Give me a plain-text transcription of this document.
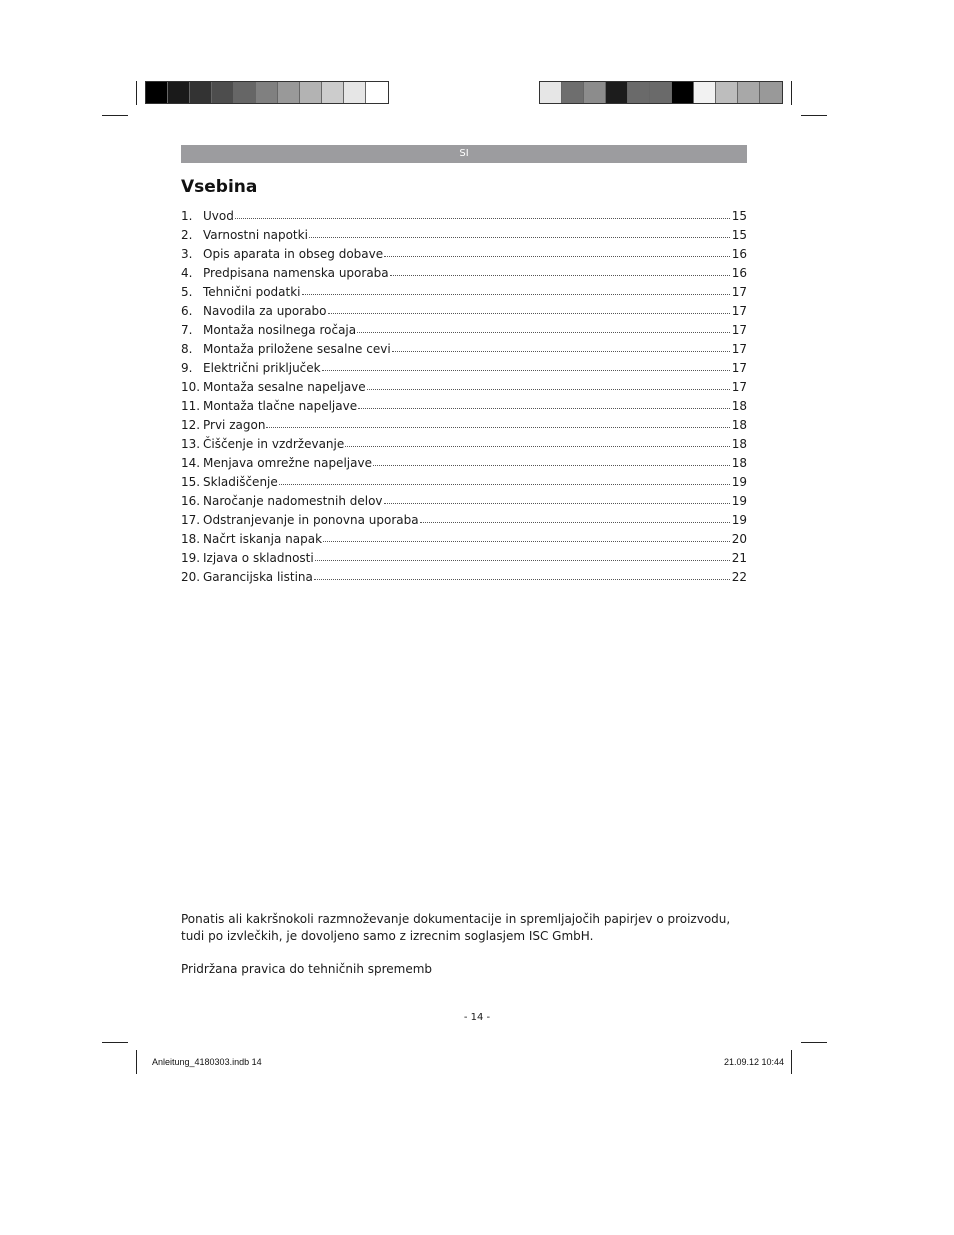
SI
Vsebina
1. Uvod	15
2. Varnostni napotki	15
3. Opis aparata in obseg dobave	16
4. Predpisana namenska uporaba	16
5. Tehnični podatki	17
6. Navodila za uporabo	17
7. Montaža nosilnega ročaja	17
8. Montaža priložene sesalne cevi	17
9. Električni priključek	17
10. Montaža sesalne napeljave	17
11. Montaža tlačne napeljave	18
12. Prvi zagon	18
13. Čiščenje in vzdrževanje	18
14. Menjava omrežne napeljave	18
15. Skladiščenje	19
16. Naročanje nadomestnih delov	19
17. Odstranjevanje in ponovna uporaba	19
18. Načrt iskanja napak	20
19. Izjava o skladnosti	21
20. Garancijska listina	22

Ponatis ali kakršnokoli razmnoževanje dokumentacije in spremljajočih papirjev o proizvodu, tudi po izvlečkih, je dovoljeno samo z izrecnim soglasjem ISC GmbH.

Pridržana pravica do tehničnih sprememb

- 14 -
Anleitung_4180303.indb 14	21.09.12 10:44
